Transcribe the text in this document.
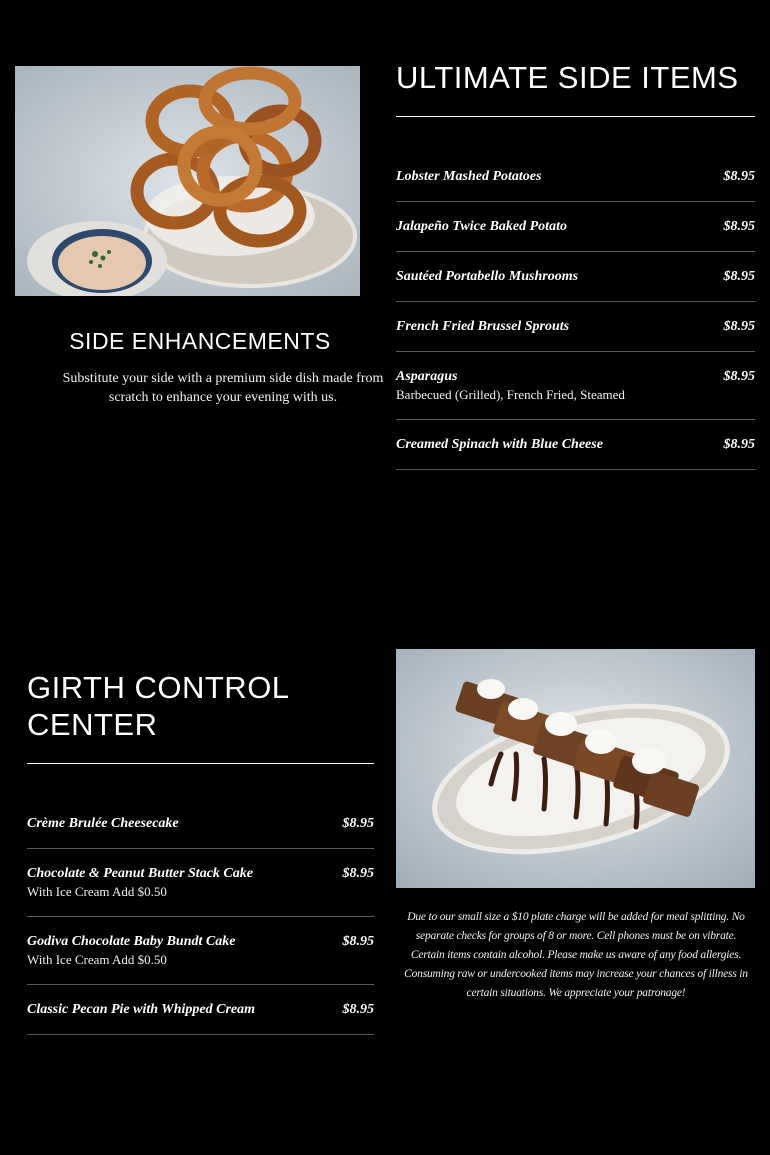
ULTIMATE SIDE ITEMS
Lobster Mashed Potatoes	$8.95
Jalapeño Twice Baked Potato	$8.95
Sautéed Portabello Mushrooms	$8.95
French Fried Brussel Sprouts	$8.95
Asparagus	$8.95
Barbecued (Grilled), French Fried, Steamed
Creamed Spinach with Blue Cheese	$8.95
SIDE ENHANCEMENTS

Substitute your side with a premium side dish made from scratch to enhance your evening with us.

GIRTH CONTROL CENTER
Crème Brulée Cheesecake	$8.95
Chocolate & Peanut Butter Stack Cake	$8.95
With Ice Cream Add $0.50
Godiva Chocolate Baby Bundt Cake	$8.95
With Ice Cream Add $0.50
Classic Pecan Pie with Whipped Cream	$8.95

Due to our small size a $10 plate charge will be added for meal splitting. No separate checks for groups of 8 or more. Cell phones must be on vibrate. Certain items contain alcohol. Please make us aware of any food allergies. Consuming raw or undercooked items may increase your chances of illness in certain situations. We appreciate your patronage!
